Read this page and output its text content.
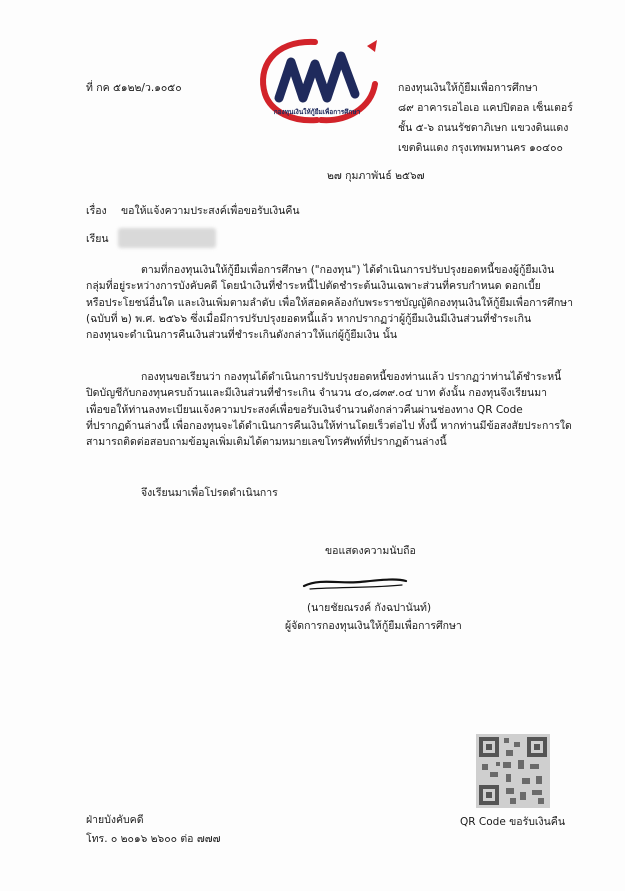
กองทุนเงินให้กู้ยืมเพื่อการศึกษา
ที่ กค ๕๑๒๒/ว.๑๐๕๐	กองทุนเงินให้กู้ยืมเพื่อการศึกษา
๘๙ อาคารเอไอเอ แคปปิตอล เซ็นเตอร์
ชั้น ๕-๖ ถนนรัชดาภิเษก แขวงดินแดง
เขตดินแดง กรุงเทพมหานคร ๑๐๔๐๐
๒๗ กุมภาพันธ์ ๒๕๖๗
เรื่อง ขอให้แจ้งความประสงค์เพื่อขอรับเงินคืน
เรียน
ตามที่กองทุนเงินให้กู้ยืมเพื่อการศึกษา ("กองทุน") ได้ดำเนินการปรับปรุงยอดหนี้ของผู้กู้ยืมเงิน
กลุ่มที่อยู่ระหว่างการบังคับคดี โดยนำเงินที่ชำระหนี้ไปตัดชำระต้นเงินเฉพาะส่วนที่ครบกำหนด ดอกเบี้ย
หรือประโยชน์อื่นใด และเงินเพิ่มตามลำดับ เพื่อให้สอดคล้องกับพระราชบัญญัติกองทุนเงินให้กู้ยืมเพื่อการศึกษา
(ฉบับที่ ๒) พ.ศ. ๒๕๖๖ ซึ่งเมื่อมีการปรับปรุงยอดหนี้แล้ว หากปรากฏว่าผู้กู้ยืมเงินมีเงินส่วนที่ชำระเกิน
กองทุนจะดำเนินการคืนเงินส่วนที่ชำระเกินดังกล่าวให้แก่ผู้กู้ยืมเงิน นั้น
กองทุนขอเรียนว่า กองทุนได้ดำเนินการปรับปรุงยอดหนี้ของท่านแล้ว ปรากฏว่าท่านได้ชำระหนี้
ปิดบัญชีกับกองทุนครบถ้วนและมีเงินส่วนที่ชำระเกิน จำนวน ๔๐,๘๓๙.๐๔ บาท ดังนั้น กองทุนจึงเรียนมา
เพื่อขอให้ท่านลงทะเบียนแจ้งความประสงค์เพื่อขอรับเงินจำนวนดังกล่าวคืนผ่านช่องทาง QR Code
ที่ปรากฏด้านล่างนี้ เพื่อกองทุนจะได้ดำเนินการคืนเงินให้ท่านโดยเร็วต่อไป ทั้งนี้ หากท่านมีข้อสงสัยประการใด
สามารถติดต่อสอบถามข้อมูลเพิ่มเติมได้ตามหมายเลขโทรศัพท์ที่ปรากฏด้านล่างนี้
จึงเรียนมาเพื่อโปรดดำเนินการ
ขอแสดงความนับถือ
(นายชัยณรงค์ กังฉปานันท์)
ผู้จัดการกองทุนเงินให้กู้ยืมเพื่อการศึกษา
ฝ่ายบังคับคดี
โทร. ๐ ๒๐๑๖ ๒๖๐๐ ต่อ ๗๗๗
QR Code ขอรับเงินคืน
